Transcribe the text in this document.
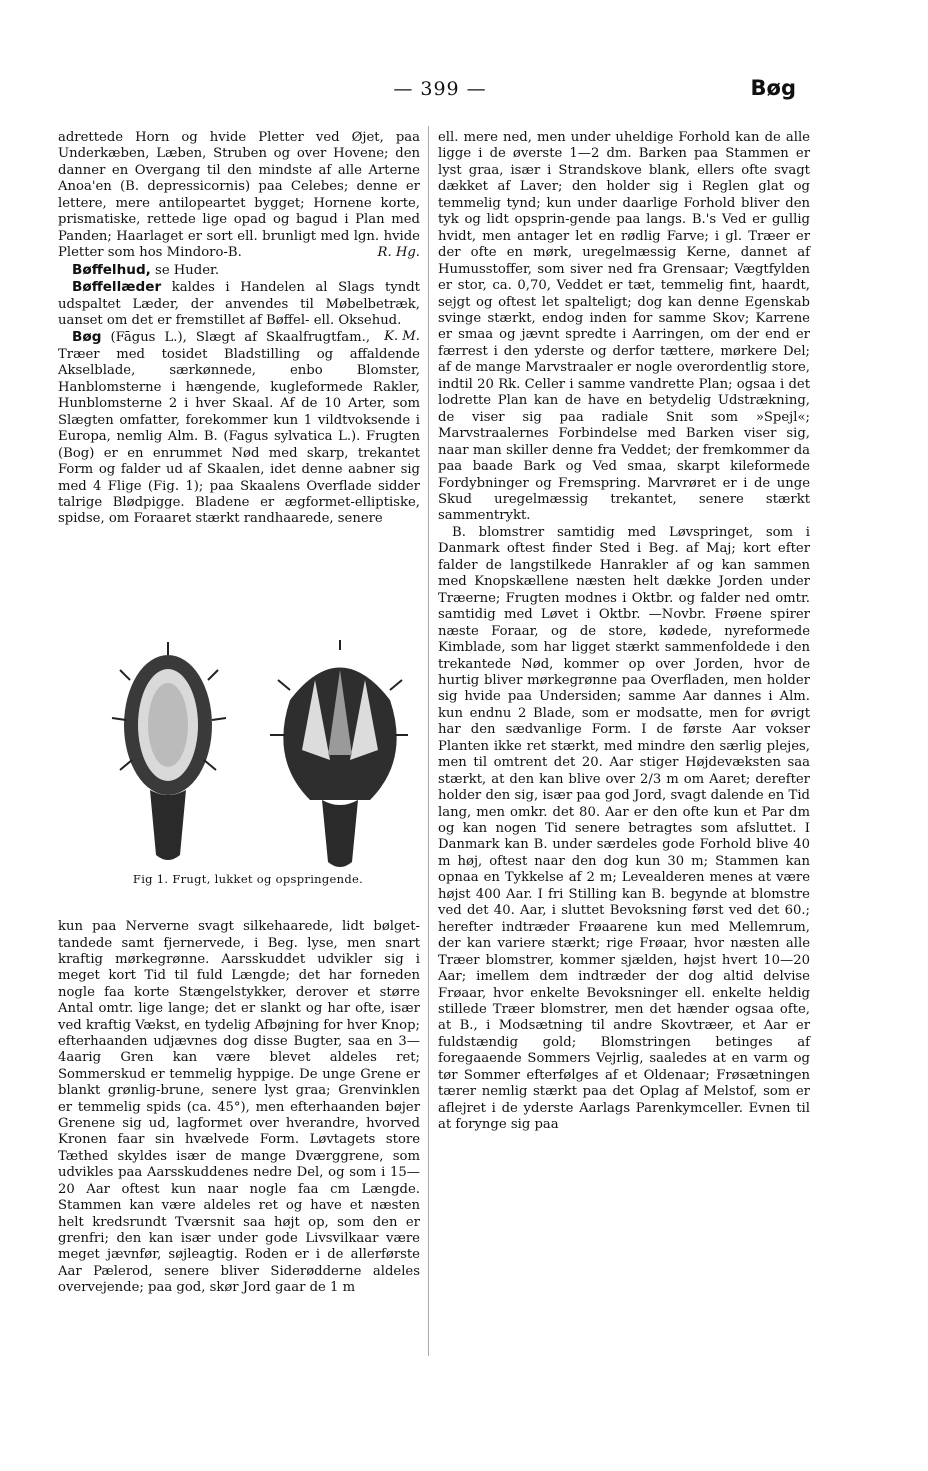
— 399 —	Bøg

adrettede Horn og hvide Pletter ved Øjet, paa Underkæben, Læben, Struben og over Hovene; den danner en Overgang til den mindste af alle Arterne Anoa'en (B. depressicornis) paa Celebes; denne er lettere, mere antilopeartet bygget; Hornene korte, prismatiske, rettede lige opad og bagud i Plan med Panden; Haarlaget er sort ell. brunligt med lgn. hvide Pletter som hos Mindoro-B.	R. Hg.

Bøffelhud, se Huder.

Bøffellæder kaldes i Handelen al Slags tyndt udspaltet Læder, der anvendes til Møbelbetræk, uanset om det er fremstillet af Bøffel- ell. Oksehud.
K. M.

Bøg (Fāgus L.), Slægt af Skaalfrugtfam., Træer med tosidet Bladstilling og affaldende Akselblade, særkønnede, enbo Blomster, Hanblomsterne i hængende, kugleformede Rakler, Hunblomsterne 2 i hver Skaal. Af de 10 Arter, som Slægten omfatter, forekommer kun 1 vildtvoksende i Europa, nemlig Alm. B. (Fagus sylvatica L.). Frugten (Bog) er en enrummet Nød med skarp, trekantet Form og falder ud af Skaalen, idet denne aabner sig med 4 Flige (Fig. 1); paa Skaalens Overflade sidder talrige Blødpigge. Bladene er ægformet-elliptiske, spidse, om Foraaret stærkt randhaarede, senere

Fig 1. Frugt, lukket og opspringende.

kun paa Nerverne svagt silkehaarede, lidt bølget-tandede samt fjernervede, i Beg. lyse, men snart kraftig mørkegrønne. Aarsskuddet udvikler sig i meget kort Tid til fuld Længde; det har forneden nogle faa korte Stængelstykker, derover et større Antal omtr. lige lange; det er slankt og har ofte, især ved kraftig Vækst, en tydelig Afbøjning for hver Knop; efterhaanden udjævnes dog disse Bugter, saa en 3—4aarig Gren kan være blevet aldeles ret; Sommerskud er temmelig hyppige. De unge Grene er blankt grønlig-brune, senere lyst graa; Grenvinklen er temmelig spids (ca. 45°), men efterhaanden bøjer Grenene sig ud, lagformet over hverandre, hvorved Kronen faar sin hvælvede Form. Løvtagets store Tæthed skyldes især de mange Dværggrene, som udvikles paa Aarsskuddenes nedre Del, og som i 15—20 Aar oftest kun naar nogle faa cm Længde. Stammen kan være aldeles ret og have et næsten helt kredsrundt Tværsnit saa højt op, som den er grenfri; den kan især under gode Livsvilkaar være meget jævnfør, søjleagtig. Roden er i de allerførste Aar Pælerod, senere bliver Siderødderne aldeles overvejende; paa god, skør Jord gaar de 1 m

ell. mere ned, men under uheldige Forhold kan de alle ligge i de øverste 1—2 dm. Barken paa Stammen er lyst graa, især i Strandskove blank, ellers ofte svagt dækket af Laver; den holder sig i Reglen glat og temmelig tynd; kun under daarlige Forhold bliver den tyk og lidt opsprin-gende paa langs. B.'s Ved er gullig hvidt, men antager let en rødlig Farve; i gl. Træer er der ofte en mørk, uregelmæssig Kerne, dannet af Humusstoffer, som siver ned fra Grensaar; Vægtfylden er stor, ca. 0,70, Veddet er tæt, temmelig fint, haardt, sejgt og oftest let spalteligt; dog kan denne Egenskab svinge stærkt, endog inden for samme Skov; Karrene er smaa og jævnt spredte i Aarringen, om der end er færrest i den yderste og derfor tættere, mørkere Del; af de mange Marvstraaler er nogle overordentlig store, indtil 20 Rk. Celler i samme vandrette Plan; ogsaa i det lodrette Plan kan de have en betydelig Udstrækning, de viser sig paa radiale Snit som »Spejl«; Marvstraalernes Forbindelse med Barken viser sig, naar man skiller denne fra Veddet; der fremkommer da paa baade Bark og Ved smaa, skarpt kileformede Fordybninger og Fremspring. Marvrøret er i de unge Skud uregelmæssig trekantet, senere stærkt sammentrykt.

B. blomstrer samtidig med Løvspringet, som i Danmark oftest finder Sted i Beg. af Maj; kort efter falder de langstilkede Hanrakler af og kan sammen med Knopskællene næsten helt dække Jorden under Træerne; Frugten modnes i Oktbr. og falder ned omtr. samtidig med Løvet i Oktbr. —Novbr. Frøene spirer næste Foraar, og de store, kødede, nyreformede Kimblade, som har ligget stærkt sammenfoldede i den trekantede Nød, kommer op over Jorden, hvor de hurtig bliver mørkegrønne paa Overfladen, men holder sig hvide paa Undersiden; samme Aar dannes i Alm. kun endnu 2 Blade, som er modsatte, men for øvrigt har den sædvanlige Form. I de første Aar vokser Planten ikke ret stærkt, med mindre den særlig plejes, men til omtrent det 20. Aar stiger Højdevæksten saa stærkt, at den kan blive over 2/3 m om Aaret; derefter holder den sig, især paa god Jord, svagt dalende en Tid lang, men omkr. det 80. Aar er den ofte kun et Par dm og kan nogen Tid senere betragtes som afsluttet. I Danmark kan B. under særdeles gode Forhold blive 40 m høj, oftest naar den dog kun 30 m; Stammen kan opnaa en Tykkelse af 2 m; Levealderen menes at være højst 400 Aar. I fri Stilling kan B. begynde at blomstre ved det 40. Aar, i sluttet Bevoksning først ved det 60.; herefter indtræder Frøaarene kun med Mellemrum, der kan variere stærkt; rige Frøaar, hvor næsten alle Træer blomstrer, kommer sjælden, højst hvert 10—20 Aar; imellem dem indtræder der dog altid delvise Frøaar, hvor enkelte Bevoksninger ell. enkelte heldig stillede Træer blomstrer, men det hænder ogsaa ofte, at B., i Modsætning til andre Skovtræer, et Aar er fuldstændig gold; Blomstringen betinges af foregaaende Sommers Vejrlig, saaledes at en varm og tør Sommer efterfølges af et Oldenaar; Frøsætningen tærer nemlig stærkt paa det Oplag af Melstof, som er aflejret i de yderste Aarlags Parenkymceller. Evnen til at forynge sig paa
